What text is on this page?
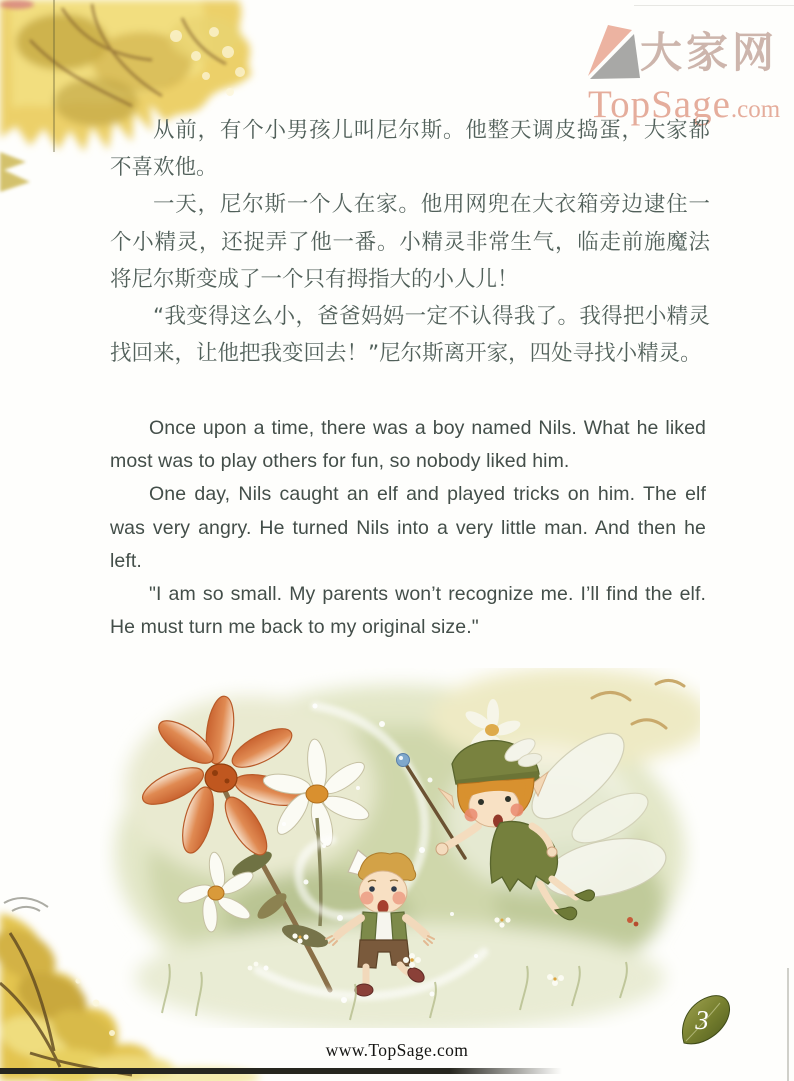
大家网
TopSage.com

从前，有个小男孩儿叫尼尔斯。他整天调皮捣蛋，大家都不喜欢他。

一天，尼尔斯一个人在家。他用网兜在大衣箱旁边逮住一个小精灵，还捉弄了他一番。小精灵非常生气，临走前施魔法将尼尔斯变成了一个只有拇指大的小人儿！

“我变得这么小，爸爸妈妈一定不认得我了。我得把小精灵找回来，让他把我变回去！”尼尔斯离开家，四处寻找小精灵。

Once upon a time, there was a boy named Nils. What he liked most was to play others for fun, so nobody liked him.

One day, Nils caught an elf and played tricks on him. The elf was very angry. He turned Nils into a very little man. And then he left.

"I am so small. My parents won’t recognize me. I’ll find the elf. He must turn me back to my original size."

3
www.TopSage.com
